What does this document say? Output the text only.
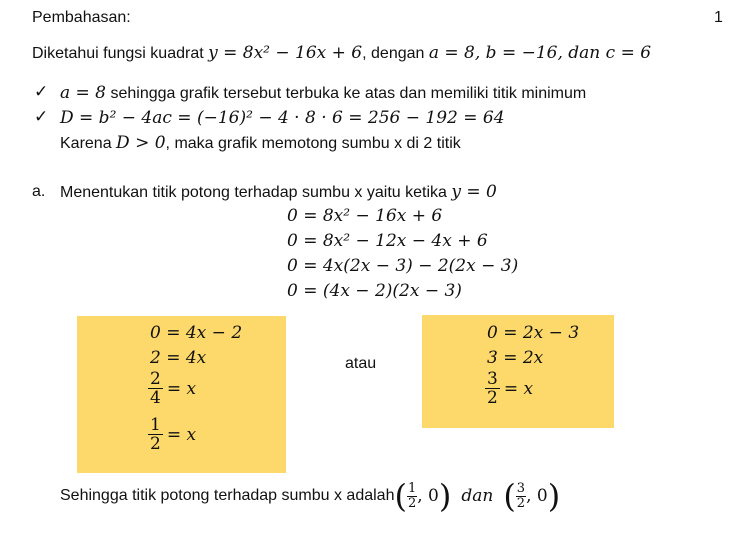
Pembahasan:	1
Diketahui fungsi kuadrat y = 8x² − 16x + 6, dengan a = 8, b = −16, dan c = 6
✓ a = 8 sehingga grafik tersebut terbuka ke atas dan memiliki titik minimum
✓ D = b² − 4ac = (−16)² − 4 · 8 · 6 = 256 − 192 = 64
Karena D > 0, maka grafik memotong sumbu x di 2 titik
a. Menentukan titik potong terhadap sumbu x yaitu ketika y = 0
0 = 8x² − 16x + 6
0 = 8x² − 12x − 4x + 6
0 = 4x(2x − 3) − 2(2x − 3)
0 = (4x − 2)(2x − 3)
0 = 4x − 2
2 = 4x
$\frac{2}{4} = x$
$\frac{1}{2} = x$
atau
0 = 2x − 3
3 = 2x
$\frac{3}{2} = x$
Sehingga titik potong terhadap sumbu x adalah ( $\frac{1}{2}$ , 0 ) dan ( $\frac{3}{2}$ , 0 )
